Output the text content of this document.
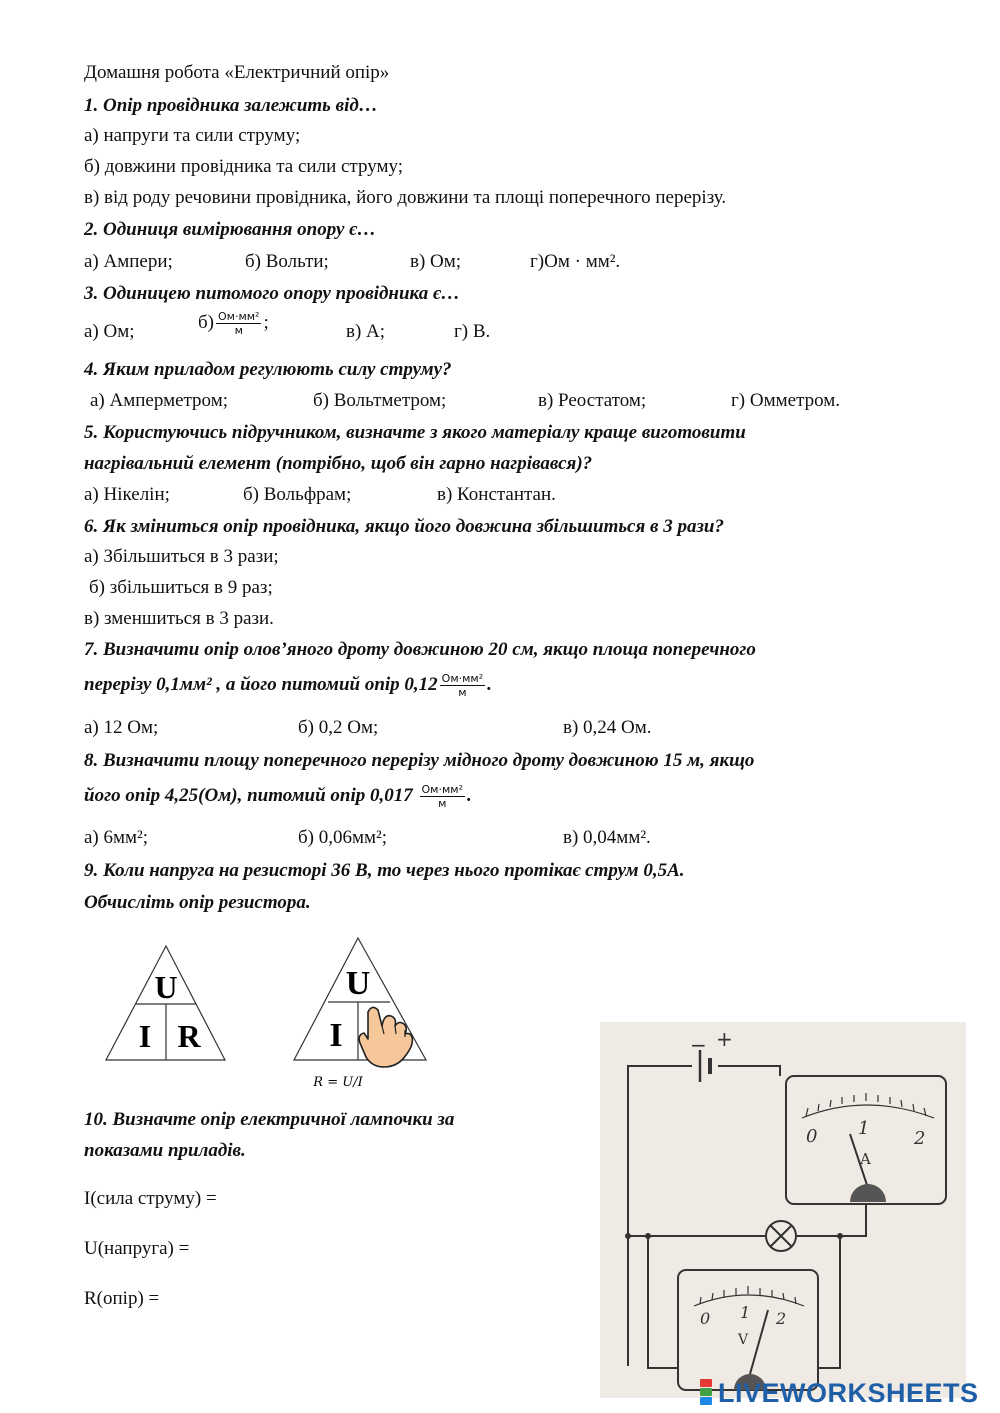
Домашня робота «Електричний опір»
1. Опір провідника залежить від…
а) напруги та сили струму;
б) довжини провідника та сили струму;
в) від роду речовини провідника, його довжини та площі поперечного перерізу.
2. Одиниця вимірювання опору є…
а) Ампери;	б) Вольти;	в) Ом;	г)Ом · мм².
3. Одиницею питомого опору провідника є…
а) Ом;	$б) \frac{\text{Ом·мм²}}{м}$ ;	в) А;	г) В.
4. Яким приладом регулюють силу струму?
а) Амперметром;	б) Вольтметром;	в) Реостатом;	г) Омметром.
5. Користуючись підручником, визначте з якого матеріалу краще виготовити
нагрівальний елемент (потрібно, щоб він гарно нагрівався)?
а) Нікелін;	б) Вольфрам;	в) Константан.
6. Як зміниться опір провідника, якщо його довжина збільшиться в 3 рази?
а) Збільшиться в 3 рази;
б) збільшиться в 9 раз;
в) зменшиться в 3 рази.
7. Визначити опір олов’яного дроту довжиною 20 см, якщо площа поперечного
перерізу 0,1мм² , а його питомий опір $0,12 \frac{\text{Ом·мм²}}{м}$ .
а) 12 Ом;	б) 0,2 Ом;	в) 0,24 Ом.
8. Визначити площу поперечного перерізу мідного дроту довжиною 15 м, якщо
його опір 4,25(Ом), питомий опір $0,017 \frac{\text{Ом·мм²}}{м}$ .
а) 6мм²;	б) 0,06мм²;	в) 0,04мм².
9. Коли напруга на резисторі 36 В, то через нього протікає струм 0,5А.
Обчисліть опір резистора.
U
I R
U
I
R = U/I
10. Визначте опір електричної лампочки за
показами приладів.
I(сила струму) =
U(напруга) =
R(опір) =
− +
0 1 2
A
0 1 2
V
LIVEWORKSHEETS
